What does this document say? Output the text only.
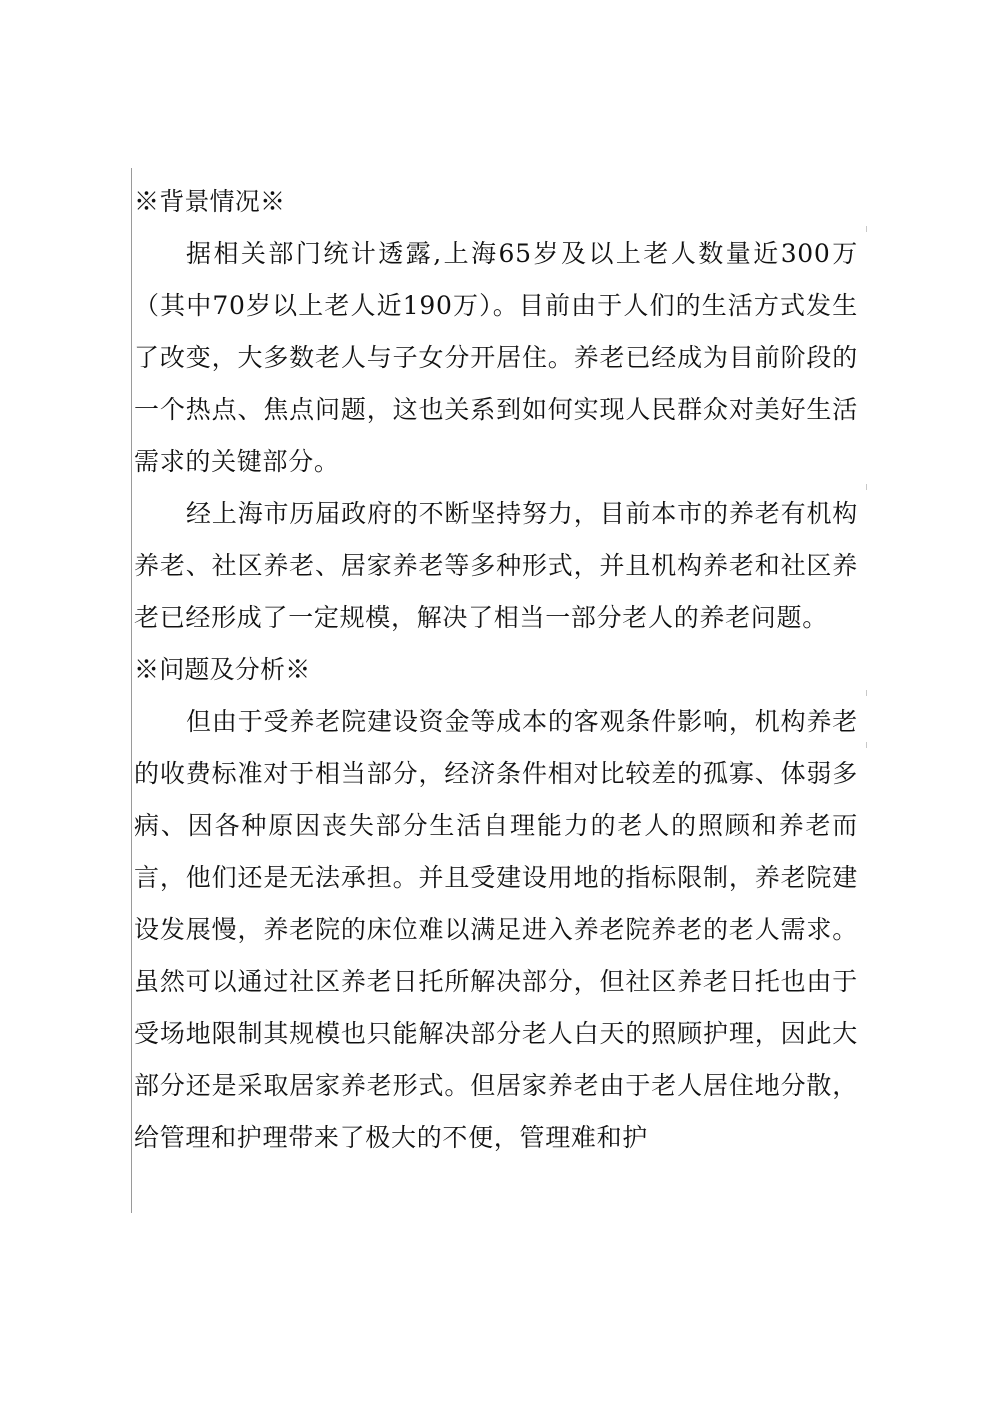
※背景情况※

据相关部门统计透露,上海65岁及以上老人数量近300万（其中70岁以上老人近190万）。目前由于人们的生活方式发生了改变，大多数老人与子女分开居住。养老已经成为目前阶段的一个热点、焦点问题，这也关系到如何实现人民群众对美好生活需求的关键部分。

经上海市历届政府的不断坚持努力，目前本市的养老有机构养老、社区养老、居家养老等多种形式，并且机构养老和社区养老已经形成了一定规模，解决了相当一部分老人的养老问题。

※问题及分析※

但由于受养老院建设资金等成本的客观条件影响，机构养老的收费标准对于相当部分，经济条件相对比较差的孤寡、体弱多病、因各种原因丧失部分生活自理能力的老人的照顾和养老而言，他们还是无法承担。并且受建设用地的指标限制，养老院建设发展慢，养老院的床位难以满足进入养老院养老的老人需求。虽然可以通过社区养老日托所解决部分，但社区养老日托也由于受场地限制其规模也只能解决部分老人白天的照顾护理，因此大部分还是采取居家养老形式。但居家养老由于老人居住地分散，给管理和护理带来了极大的不便，管理难和护
